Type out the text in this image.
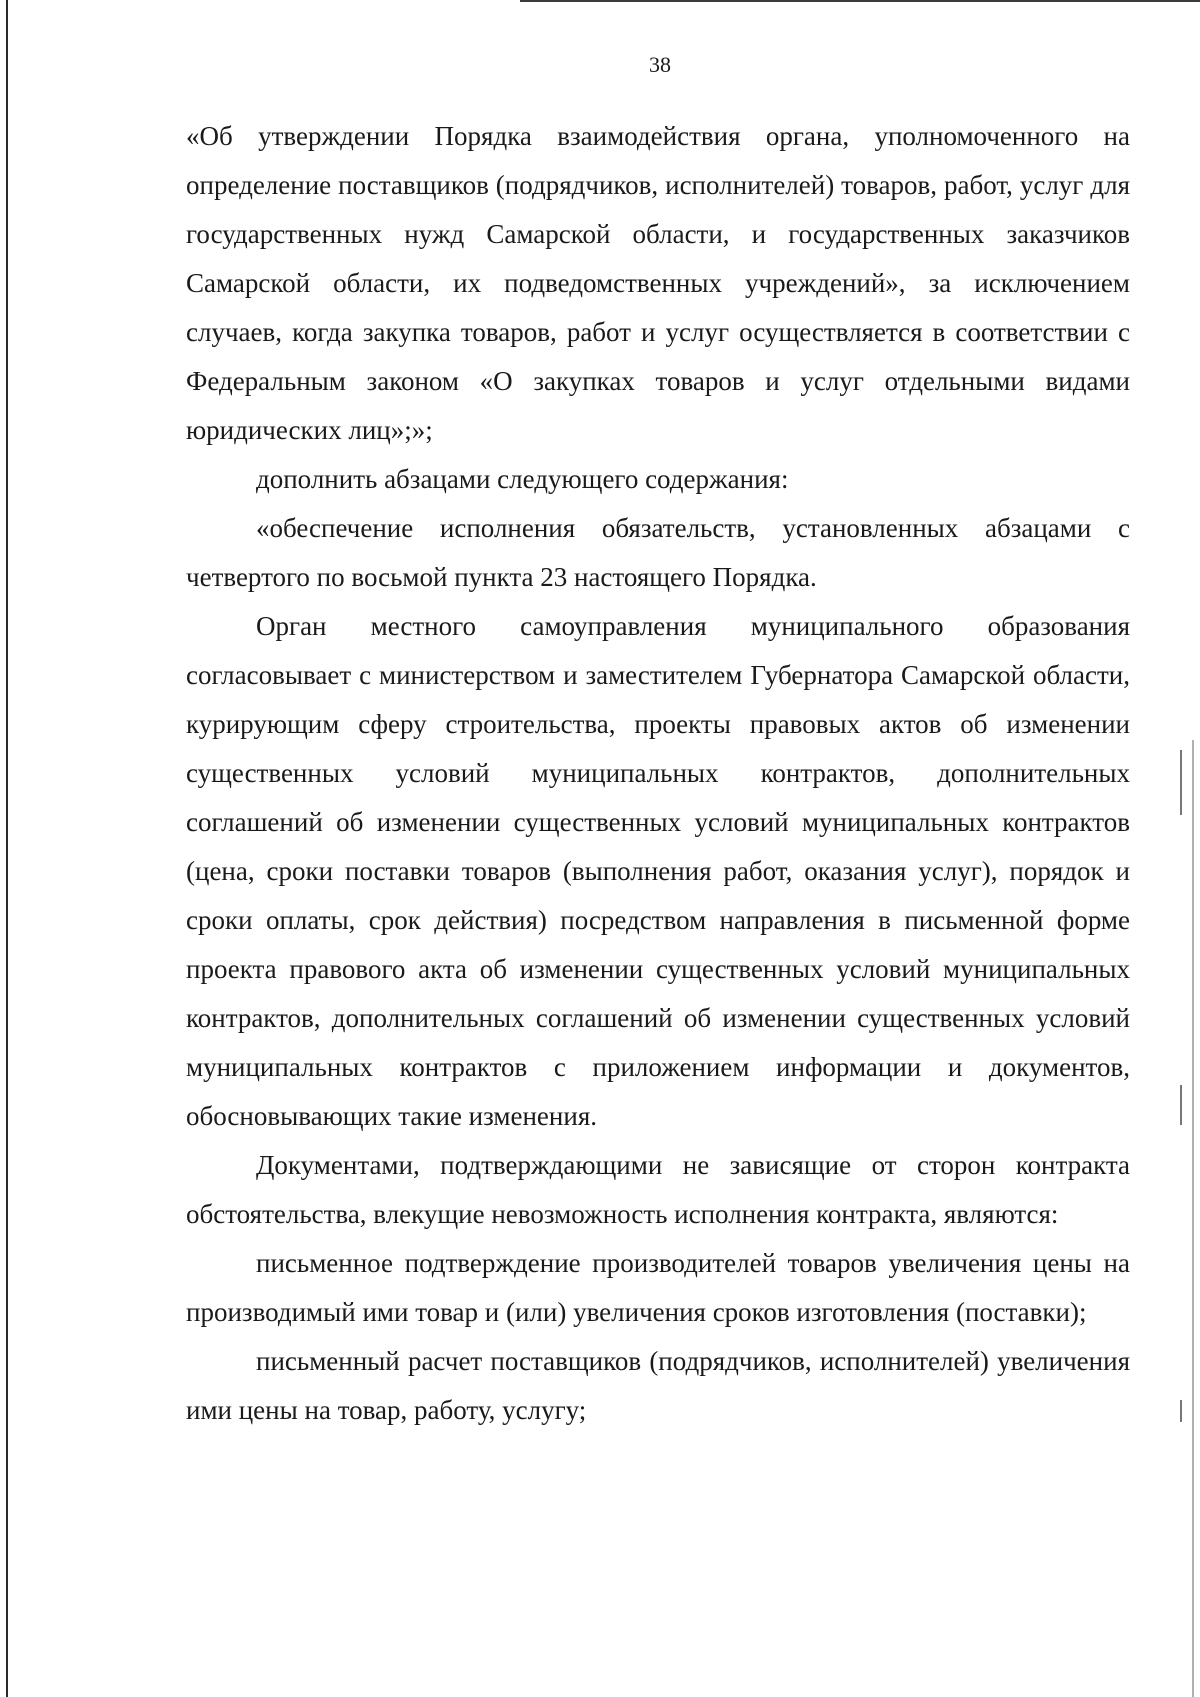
38

«Об утверждении Порядка взаимодействия органа, уполномоченного на определение поставщиков (подрядчиков, исполнителей) товаров, работ, услуг для государственных нужд Самарской области, и государственных заказчиков Самарской области, их подведомственных учреждений», за исключением случаев, когда закупка товаров, работ и услуг осуществляется в соответствии с Федеральным законом «О закупках товаров и услуг отдельными видами юридических лиц»;»;

дополнить абзацами следующего содержания:

«обеспечение исполнения обязательств, установленных абзацами с четвертого по восьмой пункта 23 настоящего Порядка.

Орган местного самоуправления муниципального образования согласовывает с министерством и заместителем Губернатора Самарской области, курирующим сферу строительства, проекты правовых актов об изменении существенных условий муниципальных контрактов, дополнительных соглашений об изменении существенных условий муниципальных контрактов (цена, сроки поставки товаров (выполнения работ, оказания услуг), порядок и сроки оплаты, срок действия) посредством направления в письменной форме проекта правового акта об изменении существенных условий муниципальных контрактов, дополнительных соглашений об изменении существенных условий муниципальных контрактов с приложением информации и документов, обосновывающих такие изменения.

Документами, подтверждающими не зависящие от сторон контракта обстоятельства, влекущие невозможность исполнения контракта, являются:

письменное подтверждение производителей товаров увеличения цены на производимый ими товар и (или) увеличения сроков изготовления (поставки);

письменный расчет поставщиков (подрядчиков, исполнителей) увеличения ими цены на товар, работу, услугу;
